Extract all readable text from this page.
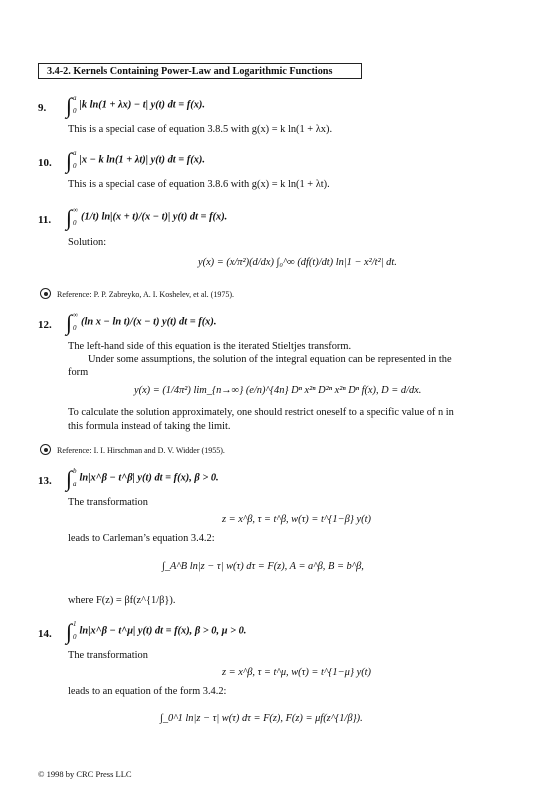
3.4-2. Kernels Containing Power-Law and Logarithmic Functions
9. ∫a
0|k ln(1 + λx) − t| y(t) dt = f(x).
This is a special case of equation 3.8.5 with g(x) = k ln(1 + λx).
10. ∫a
0|x − k ln(1 + λt)| y(t) dt = f(x).
This is a special case of equation 3.8.6 with g(x) = k ln(1 + λt).
11. ∫∞
0(1/t) ln|(x + t)/(x − t)| y(t) dt = f(x).
Solution:
y(x) = (x/π²)(d/dx) ∫₀^∞ (df(t)/dt) ln|1 − x²/t²| dt.
Reference: P. P. Zabreyko, A. I. Koshelev, et al. (1975).
12. ∫∞
0(ln x − ln t)/(x − t) y(t) dt = f(x).
The left-hand side of this equation is the iterated Stieltjes transform.
Under some assumptions, the solution of the integral equation can be represented in the
form
y(x) = (1/4π²) lim_{n→∞} (e/n)^{4n} Dⁿ x²ⁿ D²ⁿ x²ⁿ Dⁿ f(x), D = d/dx.
To calculate the solution approximately, one should restrict oneself to a specific value of n in
this formula instead of taking the limit.
Reference: I. I. Hirschman and D. V. Widder (1955).
13. ∫b
aln|x^β − t^β| y(t) dt = f(x), β > 0.
The transformation
z = x^β, τ = t^β, w(τ) = t^{1−β} y(t)
leads to Carleman’s equation 3.4.2:
∫_A^B ln|z − τ| w(τ) dτ = F(z), A = a^β, B = b^β,
where F(z) = βf(z^{1/β}).
14. ∫1
0ln|x^β − t^μ| y(t) dt = f(x), β > 0, μ > 0.
The transformation
z = x^β, τ = t^μ, w(τ) = t^{1−μ} y(t)
leads to an equation of the form 3.4.2:
∫_0^1 ln|z − τ| w(τ) dτ = F(z), F(z) = μf(z^{1/β}).
© 1998 by CRC Press LLC
